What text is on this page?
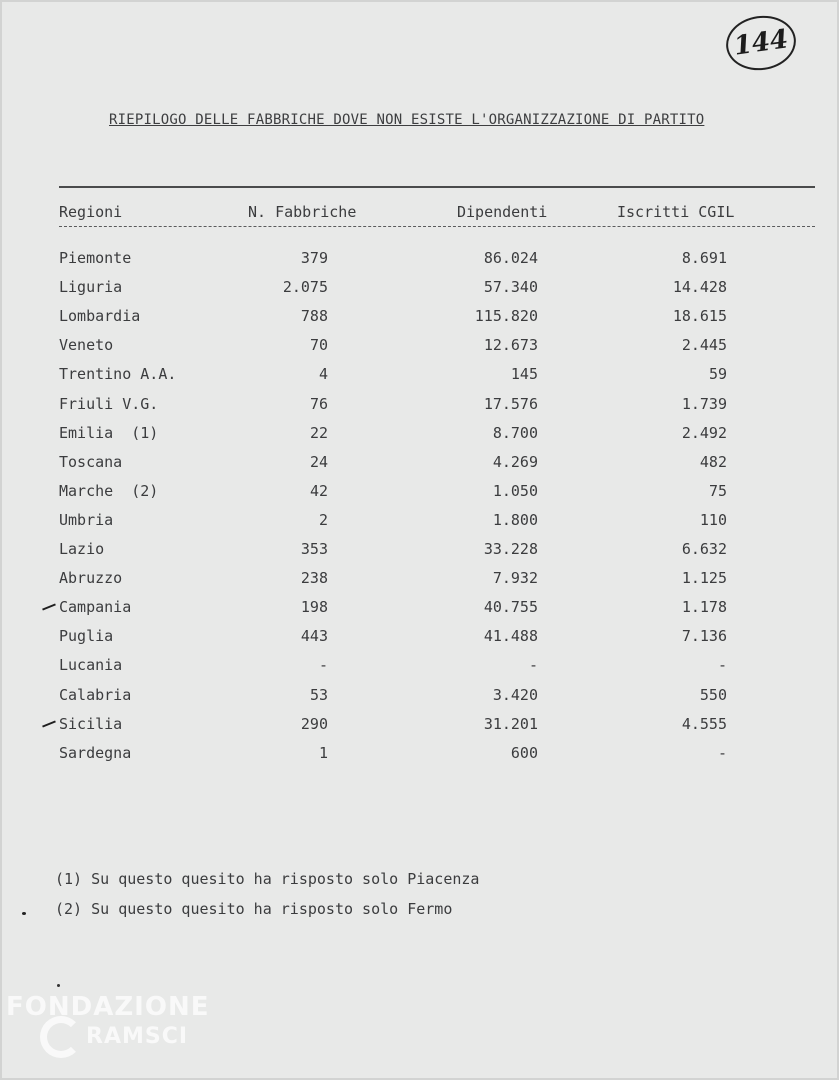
144
RIEPILOGO DELLE FABBRICHE DOVE NON ESISTE L'ORGANIZZAZIONE DI PARTITO
Regioni	N. Fabbriche	Dipendenti	Iscritti CGIL
Piemonte	379	86.024	8.691
Liguria	2.075	57.340	14.428
Lombardia	788	115.820	18.615
Veneto	70	12.673	2.445
Trentino A.A.	4	145	59
Friuli V.G.	76	17.576	1.739
Emilia  (1)	22	8.700	2.492
Toscana	24	4.269	482
Marche  (2)	42	1.050	75
Umbria	2	1.800	110
Lazio	353	33.228	6.632
Abruzzo	238	7.932	1.125
Campania	198	40.755	1.178
Puglia	443	41.488	7.136
Lucania	-	-	-
Calabria	53	3.420	550
Sicilia	290	31.201	4.555
Sardegna	1	600	-
(1) Su questo quesito ha risposto solo Piacenza
(2) Su questo quesito ha risposto solo Fermo
FONDAZIONE
RAMSCI
